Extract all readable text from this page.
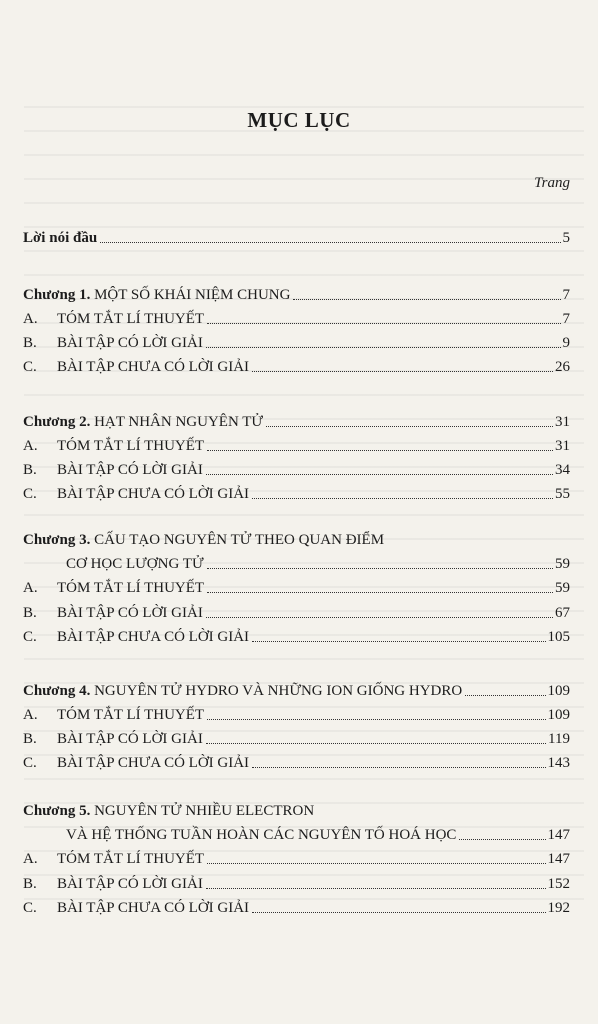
MỤC LỤC
Trang
Lời nói đầu	5
Chương 1. MỘT SỐ KHÁI NIỆM CHUNG	7
A.	TÓM TẮT LÍ THUYẾT	7
B.	BÀI TẬP CÓ LỜI GIẢI	9
C.	BÀI TẬP CHƯA CÓ LỜI GIẢI	26
Chương 2. HẠT NHÂN NGUYÊN TỬ	31
A.	TÓM TẮT LÍ THUYẾT	31
B.	BÀI TẬP CÓ LỜI GIẢI	34
C.	BÀI TẬP CHƯA CÓ LỜI GIẢI	55
Chương 3.
CẤU TẠO NGUYÊN TỬ THEO QUAN ĐIỂM
CƠ HỌC LƯỢNG TỬ	59
A.	TÓM TẮT LÍ THUYẾT	59
B.	BÀI TẬP CÓ LỜI GIẢI	67
C.	BÀI TẬP CHƯA CÓ LỜI GIẢI	105
Chương 4. NGUYÊN TỬ HYDRO VÀ NHỮNG ION GIỐNG HYDRO	109
A.	TÓM TẮT LÍ THUYẾT	109
B.	BÀI TẬP CÓ LỜI GIẢI	119
C.	BÀI TẬP CHƯA CÓ LỜI GIẢI	143
Chương 5.
NGUYÊN TỬ NHIỀU ELECTRON
VÀ HỆ THỐNG TUẦN HOÀN CÁC NGUYÊN TỐ HOÁ HỌC	147
A.	TÓM TẮT LÍ THUYẾT	147
B.	BÀI TẬP CÓ LỜI GIẢI	152
C.	BÀI TẬP CHƯA CÓ LỜI GIẢI	192
